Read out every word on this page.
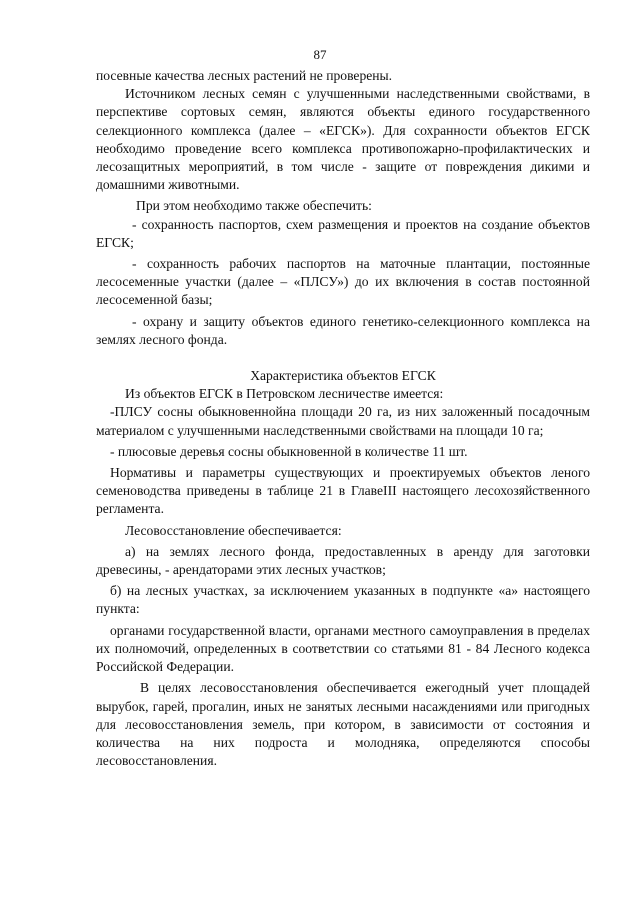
87

посевные качества лесных растений не проверены.

Источником лесных семян с улучшенными наследственными свойствами, в перспективе сортовых семян, являются объекты единого государственного селекционного комплекса (далее – «ЕГСК»). Для сохранности объектов ЕГСК необходимо проведение всего комплекса противопожарно-профилактических и лесозащитных мероприятий, в том числе - защите от повреждения дикими и домашними животными.

При этом необходимо также обеспечить:

- сохранность паспортов, схем размещения и проектов на создание объектов ЕГСК;

- сохранность рабочих паспортов на маточные плантации, постоянные лесосеменные участки (далее – «ПЛСУ») до их включения в состав постоянной лесосеменной базы;

- охрану и защиту объектов единого генетико-селекционного комплекса на землях лесного фонда.

Характеристика объектов ЕГСК

Из объектов ЕГСК в Петровском лесничестве имеется:

-ПЛСУ сосны обыкновеннойна площади 20 га, из них заложенный посадочным материалом с улучшенными наследственными свойствами на площади 10 га;

- плюсовые деревья сосны обыкновенной в количестве 11 шт.

Нормативы и параметры существующих и проектируемых объектов леного семеноводства приведены в таблице 21 в ГлавеIII настоящего лесохозяйственного регламента.

Лесовосстановление обеспечивается:

а) на землях лесного фонда, предоставленных в аренду для заготовки древесины, - арендаторами этих лесных участков;

б) на лесных участках, за исключением указанных в подпункте «а» настоящего пункта:

органами государственной власти, органами местного самоуправления в пределах их полномочий, определенных в соответствии со статьями 81 - 84 Лесного кодекса Российской Федерации.

В целях лесовосстановления обеспечивается ежегодный учет площадей вырубок, гарей, прогалин, иных не занятых лесными насаждениями или пригодных для лесовосстановления земель, при котором, в зависимости от состояния и количества на них подроста и молодняка, определяются способы лесовосстановления.
